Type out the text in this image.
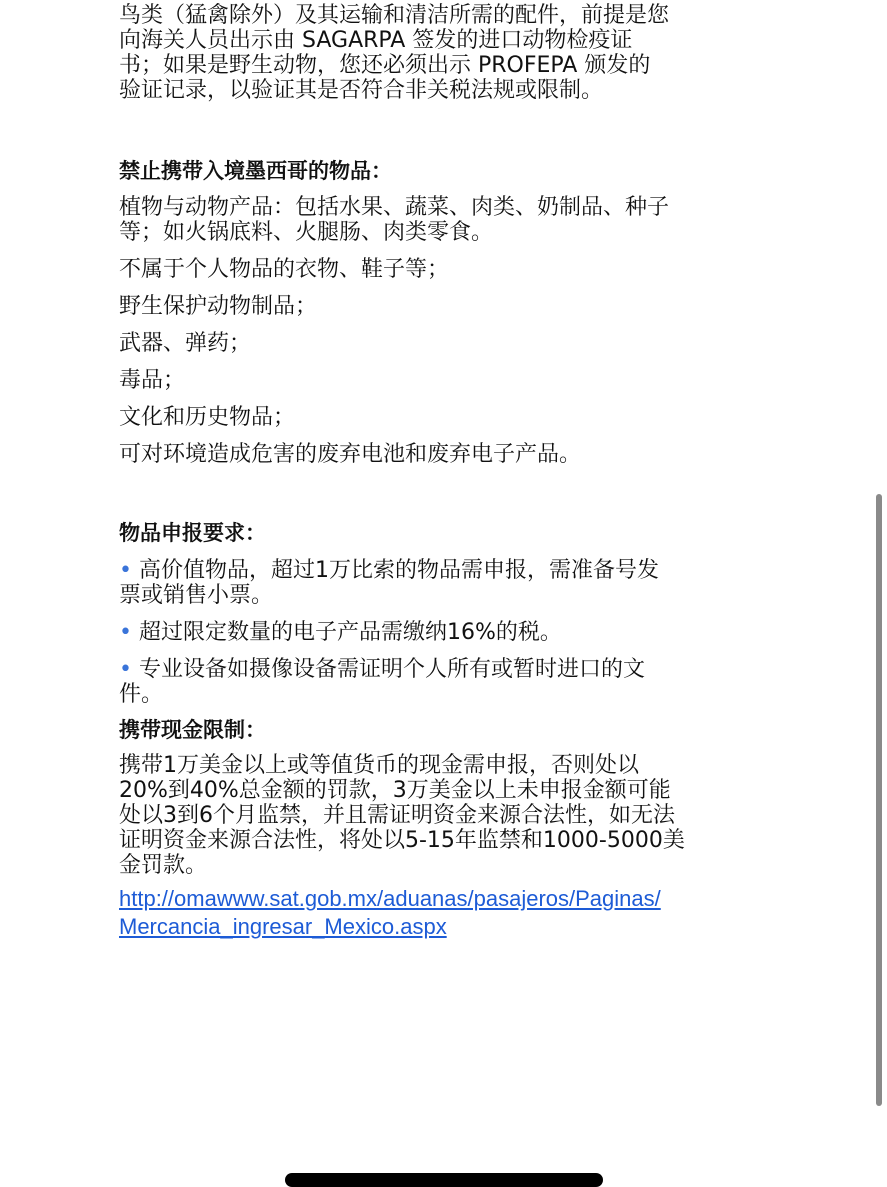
鸟类（猛禽除外）及其运输和清洁所需的配件，前提是您
向海关人员出示由 SAGARPA 签发的进口动物检疫证
书；如果是野生动物，您还必须出示 PROFEPA 颁发的
验证记录，以验证其是否符合非关税法规或限制。

禁止携带入境墨西哥的物品：

植物与动物产品：包括水果、蔬菜、肉类、奶制品、种子
等；如火锅底料、火腿肠、肉类零食。

不属于个人物品的衣物、鞋子等；

野生保护动物制品；

武器、弹药；

毒品；

文化和历史物品；

可对环境造成危害的废弃电池和废弃电子产品。

物品申报要求：

• 高价值物品，超过1万比索的物品需申报，需准备号发
票或销售小票。

• 超过限定数量的电子产品需缴纳16%的税。

• 专业设备如摄像设备需证明个人所有或暂时进口的文
件。

携带现金限制：

携带1万美金以上或等值货币的现金需申报，否则处以
20%到40%总金额的罚款，3万美金以上未申报金额可能
处以3到6个月监禁，并且需证明资金来源合法性，如无法
证明资金来源合法性，将处以5-15年监禁和1000-5000美
金罚款。

http://omawww.sat.gob.mx/aduanas/pasajeros/Paginas/
Mercancia_ingresar_Mexico.aspx
